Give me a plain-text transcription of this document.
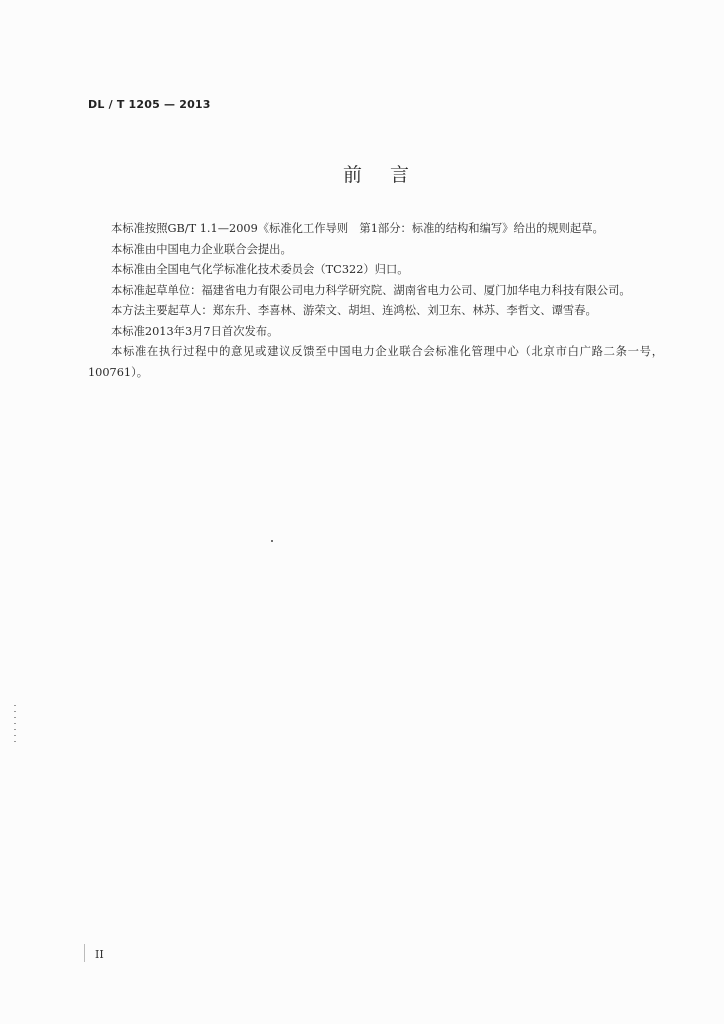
DL / T 1205 — 2013
前言

本标准按照GB/T 1.1—2009《标准化工作导则　第1部分：标准的结构和编写》给出的规则起草。

本标准由中国电力企业联合会提出。

本标准由全国电气化学标准化技术委员会（TC322）归口。

本标准起草单位：福建省电力有限公司电力科学研究院、湖南省电力公司、厦门加华电力科技有限公司。

本方法主要起草人：郑东升、李喜林、游荣文、胡坦、连鸿松、刘卫东、林苏、李哲文、谭雪春。

本标准2013年3月7日首次发布。

本标准在执行过程中的意见或建议反馈至中国电力企业联合会标准化管理中心（北京市白广路二条一号，100761）。

II
